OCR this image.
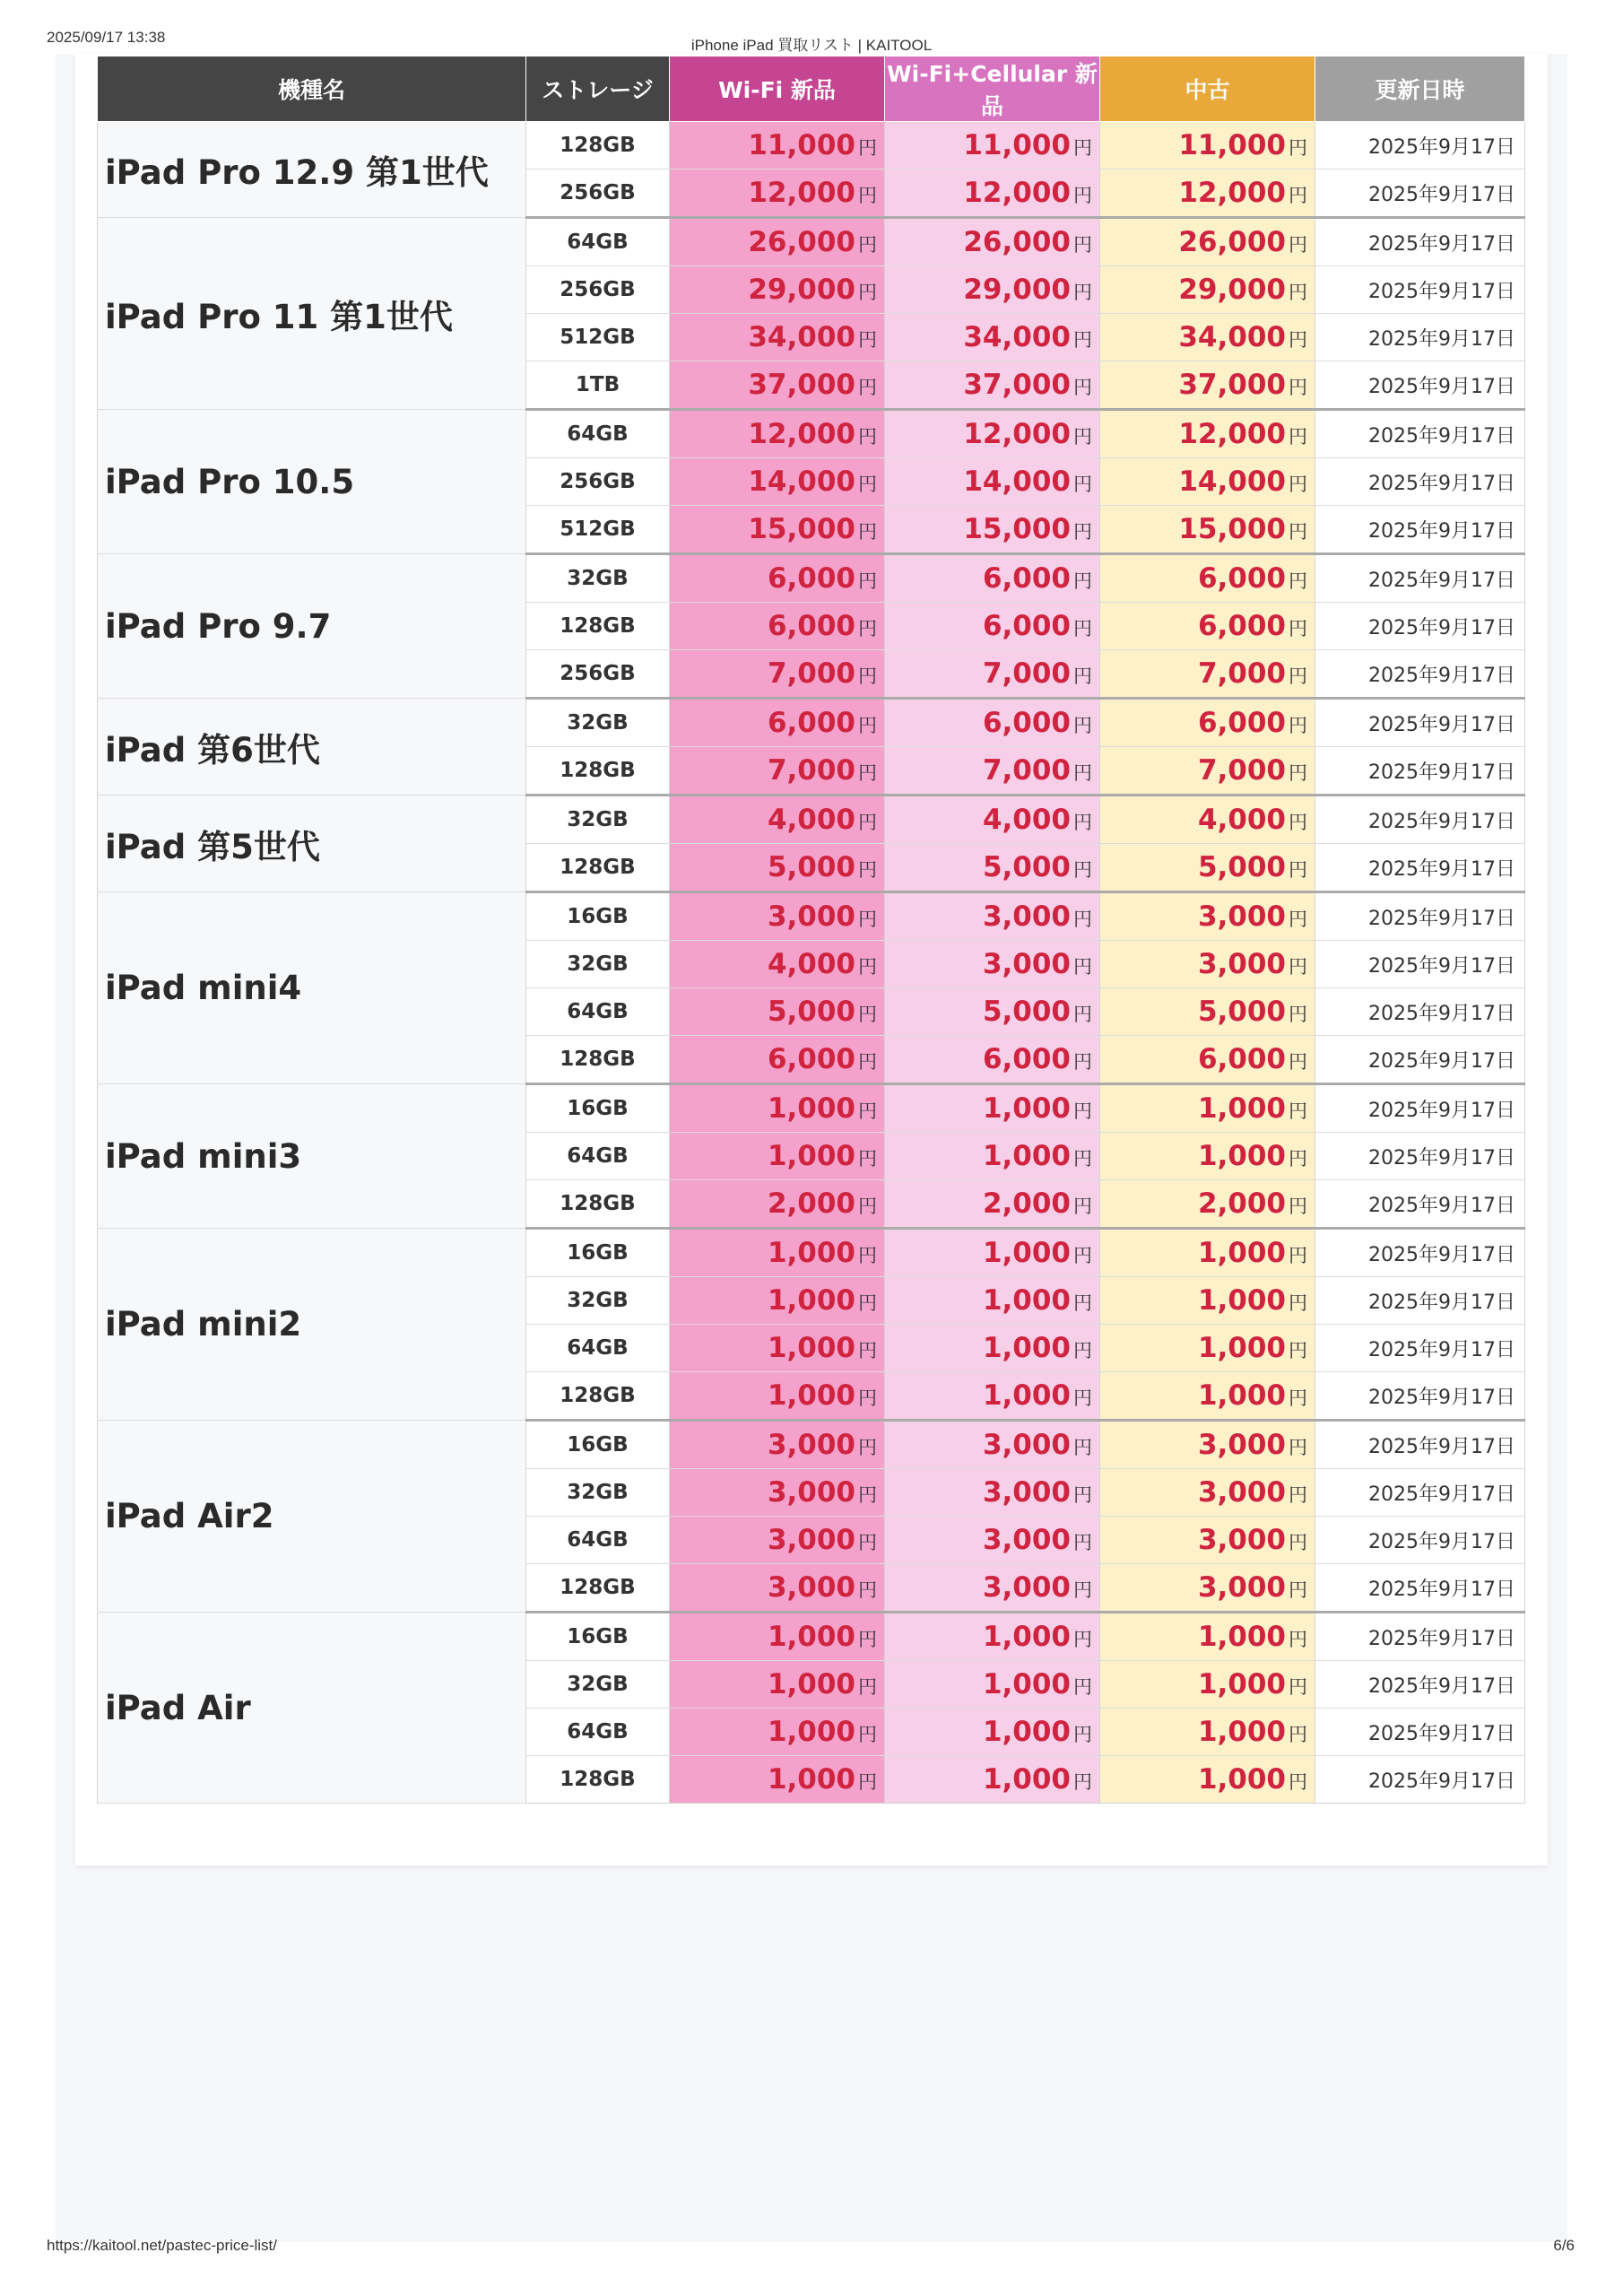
2025/09/17 13:38	iPhone iPad 買取リスト | KAITOOL
機種名	ストレージ	Wi-Fi 新品	Wi-Fi+Cellular 新品	中古	更新日時
iPad Pro 12.9 第1世代	128GB	11,000 円	11,000 円	11,000 円	2025年9月17日
	256GB	12,000 円	12,000 円	12,000 円	2025年9月17日
iPad Pro 11 第1世代	64GB	26,000 円	26,000 円	26,000 円	2025年9月17日
	256GB	29,000 円	29,000 円	29,000 円	2025年9月17日
	512GB	34,000 円	34,000 円	34,000 円	2025年9月17日
	1TB	37,000 円	37,000 円	37,000 円	2025年9月17日
iPad Pro 10.5	64GB	12,000 円	12,000 円	12,000 円	2025年9月17日
	256GB	14,000 円	14,000 円	14,000 円	2025年9月17日
	512GB	15,000 円	15,000 円	15,000 円	2025年9月17日
iPad Pro 9.7	32GB	6,000 円	6,000 円	6,000 円	2025年9月17日
	128GB	6,000 円	6,000 円	6,000 円	2025年9月17日
	256GB	7,000 円	7,000 円	7,000 円	2025年9月17日
iPad 第6世代	32GB	6,000 円	6,000 円	6,000 円	2025年9月17日
	128GB	7,000 円	7,000 円	7,000 円	2025年9月17日
iPad 第5世代	32GB	4,000 円	4,000 円	4,000 円	2025年9月17日
	128GB	5,000 円	5,000 円	5,000 円	2025年9月17日
iPad mini4	16GB	3,000 円	3,000 円	3,000 円	2025年9月17日
	32GB	4,000 円	3,000 円	3,000 円	2025年9月17日
	64GB	5,000 円	5,000 円	5,000 円	2025年9月17日
	128GB	6,000 円	6,000 円	6,000 円	2025年9月17日
iPad mini3	16GB	1,000 円	1,000 円	1,000 円	2025年9月17日
	64GB	1,000 円	1,000 円	1,000 円	2025年9月17日
	128GB	2,000 円	2,000 円	2,000 円	2025年9月17日
iPad mini2	16GB	1,000 円	1,000 円	1,000 円	2025年9月17日
	32GB	1,000 円	1,000 円	1,000 円	2025年9月17日
	64GB	1,000 円	1,000 円	1,000 円	2025年9月17日
	128GB	1,000 円	1,000 円	1,000 円	2025年9月17日
iPad Air2	16GB	3,000 円	3,000 円	3,000 円	2025年9月17日
	32GB	3,000 円	3,000 円	3,000 円	2025年9月17日
	64GB	3,000 円	3,000 円	3,000 円	2025年9月17日
	128GB	3,000 円	3,000 円	3,000 円	2025年9月17日
iPad Air	16GB	1,000 円	1,000 円	1,000 円	2025年9月17日
	32GB	1,000 円	1,000 円	1,000 円	2025年9月17日
	64GB	1,000 円	1,000 円	1,000 円	2025年9月17日
	128GB	1,000 円	1,000 円	1,000 円	2025年9月17日
https://kaitool.net/pastec-price-list/	6/6
